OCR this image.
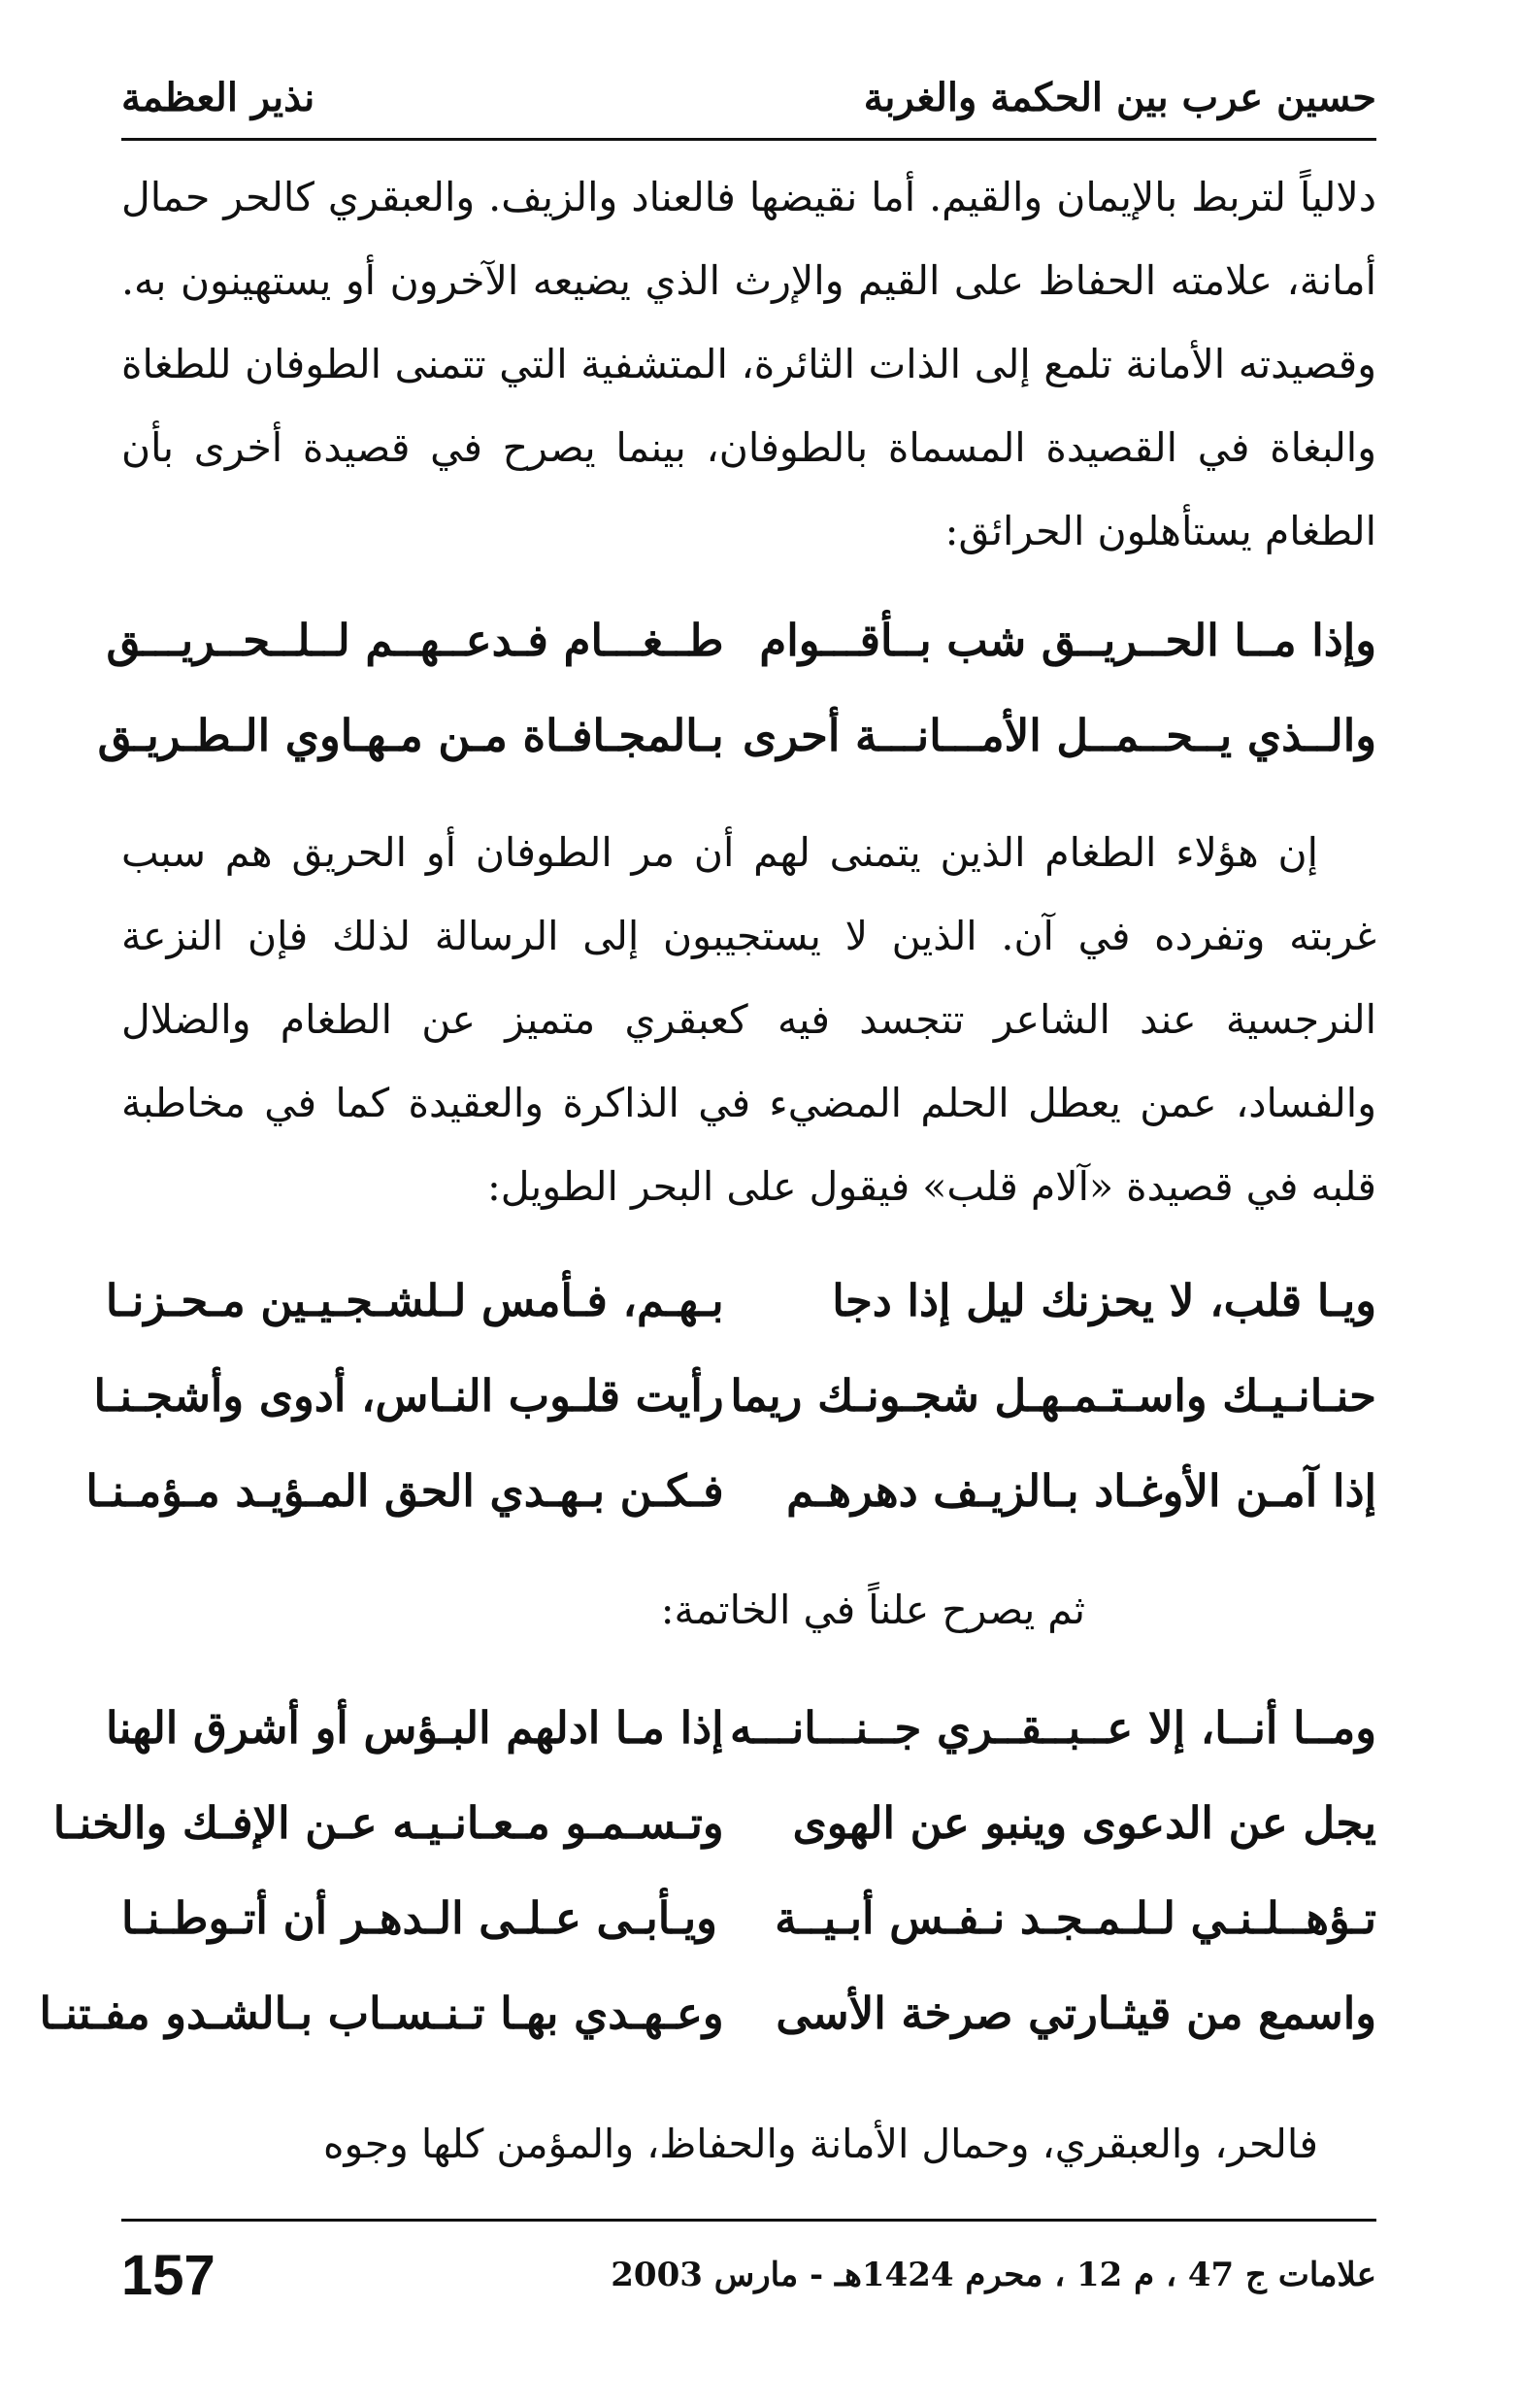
حسين عرب بين الحكمة والغربة
نذير العظمة

دلالياً لتربط بالإيمان والقيم. أما نقيضها فالعناد والزيف. والعبقري كالحر حمال أمانة، علامته الحفاظ على القيم والإرث الذي يضيعه الآخرون أو يستهينون به. وقصيدته الأمانة تلمع إلى الذات الثائرة، المتشفية التي تتمنى الطوفان للطغاة والبغاة في القصيدة المسماة بالطوفان، بينما يصرح في قصيدة أخرى بأن الطغام يستأهلون الحرائق:

وإذا مــا الحــريــق شب بــأقـــوام
طــغـــام فـدعــهــم لــلــحــريـــق
والــذي يــحــمــل الأمـــانـــة أحرى
بـالمجـافـاة مـن مـهـاوي الـطـريـق

إن هؤلاء الطغام الذين يتمنى لهم أن مر الطوفان أو الحريق هم سبب غربته وتفرده في آن. الذين لا يستجيبون إلى الرسالة لذلك فإن النزعة النرجسية عند الشاعر تتجسد فيه كعبقري متميز عن الطغام والضلال والفساد، عمن يعطل الحلم المضيء في الذاكرة والعقيدة كما في مخاطبة قلبه في قصيدة «آلام قلب» فيقول على البحر الطويل:

ويـا قلب، لا يحزنك ليل إذا دجا
بـهـم، فـأمس لـلشـجـيـين مـحـزنـا
حنـانـيـك واسـتـمـهـل شجـونـك ريما
رأيت قلـوب النـاس، أدوى وأشجـنـا
إذا آمـن الأوغـاد بـالزيـف دهرهـم
فـكـن بـهـدي الحق المـؤيـد مـؤمـنـا

ثم يصرح علناً في الخاتمة:

ومــا أنــا، إلا عــبــقــري جــنـــانـــه
إذا مـا ادلهم البـؤس أو أشرق الهنا
يجل عن الدعوى وينبو عن الهوى
وتـسـمـو مـعـانـيـه عـن الإفـك والخنـا
تـؤهــلـنـي لـلـمـجـد نـفـس أبـيــة
ويـأبـى عـلـى الـدهـر أن أتـوطـنـا
واسمع من قيثـارتي صرخة الأسى
وعـهـدي بهـا تـنـسـاب بـالشـدو مفـتنـا

فالحر، والعبقري، وحمال الأمانة والحفاظ، والمؤمن كلها وجوه

علامات ج 47 ، م 12 ، محرم 1424هـ - مارس 2003
157
